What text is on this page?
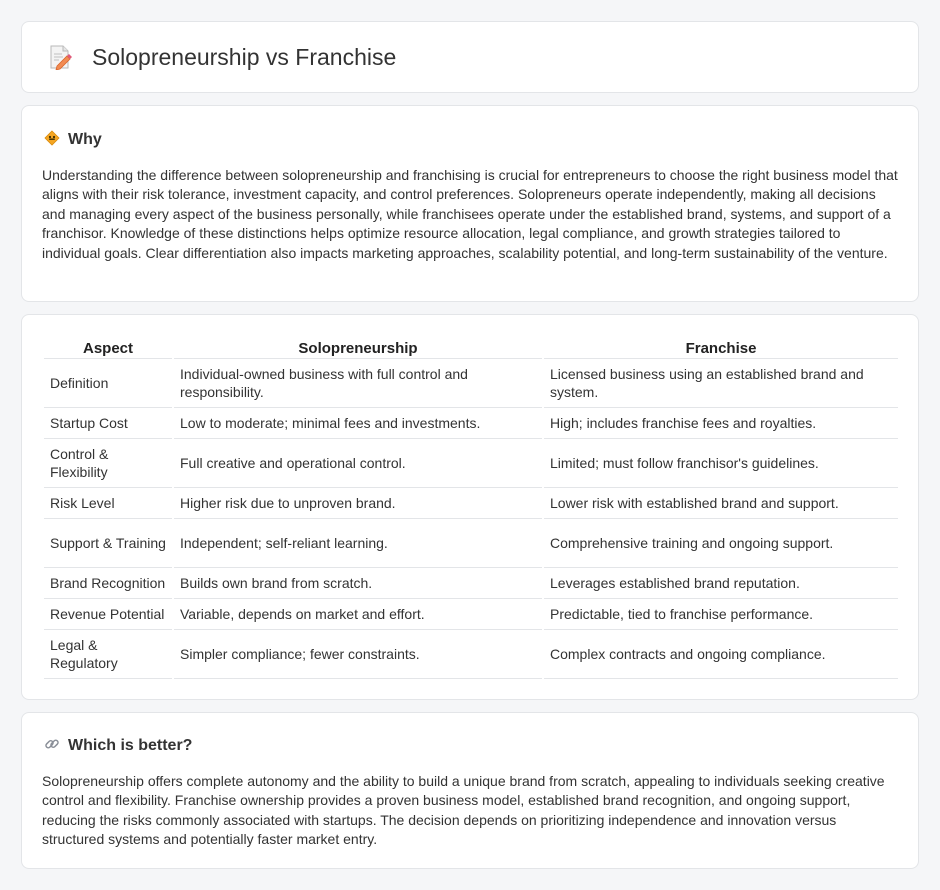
Solopreneurship vs Franchise
Why

Understanding the difference between solopreneurship and franchising is crucial for entrepreneurs to choose the right business model that aligns with their risk tolerance, investment capacity, and control preferences. Solopreneurs operate independently, making all decisions and managing every aspect of the business personally, while franchisees operate under the established brand, systems, and support of a franchisor. Knowledge of these distinctions helps optimize resource allocation, legal compliance, and growth strategies tailored to individual goals. Clear differentiation also impacts marketing approaches, scalability potential, and long-term sustainability of the venture.

Aspect	Solopreneurship	Franchise
Definition	Individual-owned business with full control and responsibility.	Licensed business using an established brand and system.
Startup Cost	Low to moderate; minimal fees and investments.	High; includes franchise fees and royalties.
Control & Flexibility	Full creative and operational control.	Limited; must follow franchisor's guidelines.
Risk Level	Higher risk due to unproven brand.	Lower risk with established brand and support.
Support & Training	Independent; self-reliant learning.	Comprehensive training and ongoing support.
Brand Recognition	Builds own brand from scratch.	Leverages established brand reputation.
Revenue Potential	Variable, depends on market and effort.	Predictable, tied to franchise performance.
Legal & Regulatory	Simpler compliance; fewer constraints.	Complex contracts and ongoing compliance.
Which is better?

Solopreneurship offers complete autonomy and the ability to build a unique brand from scratch, appealing to individuals seeking creative control and flexibility. Franchise ownership provides a proven business model, established brand recognition, and ongoing support, reducing the risks commonly associated with startups. The decision depends on prioritizing independence and innovation versus structured systems and potentially faster market entry.
